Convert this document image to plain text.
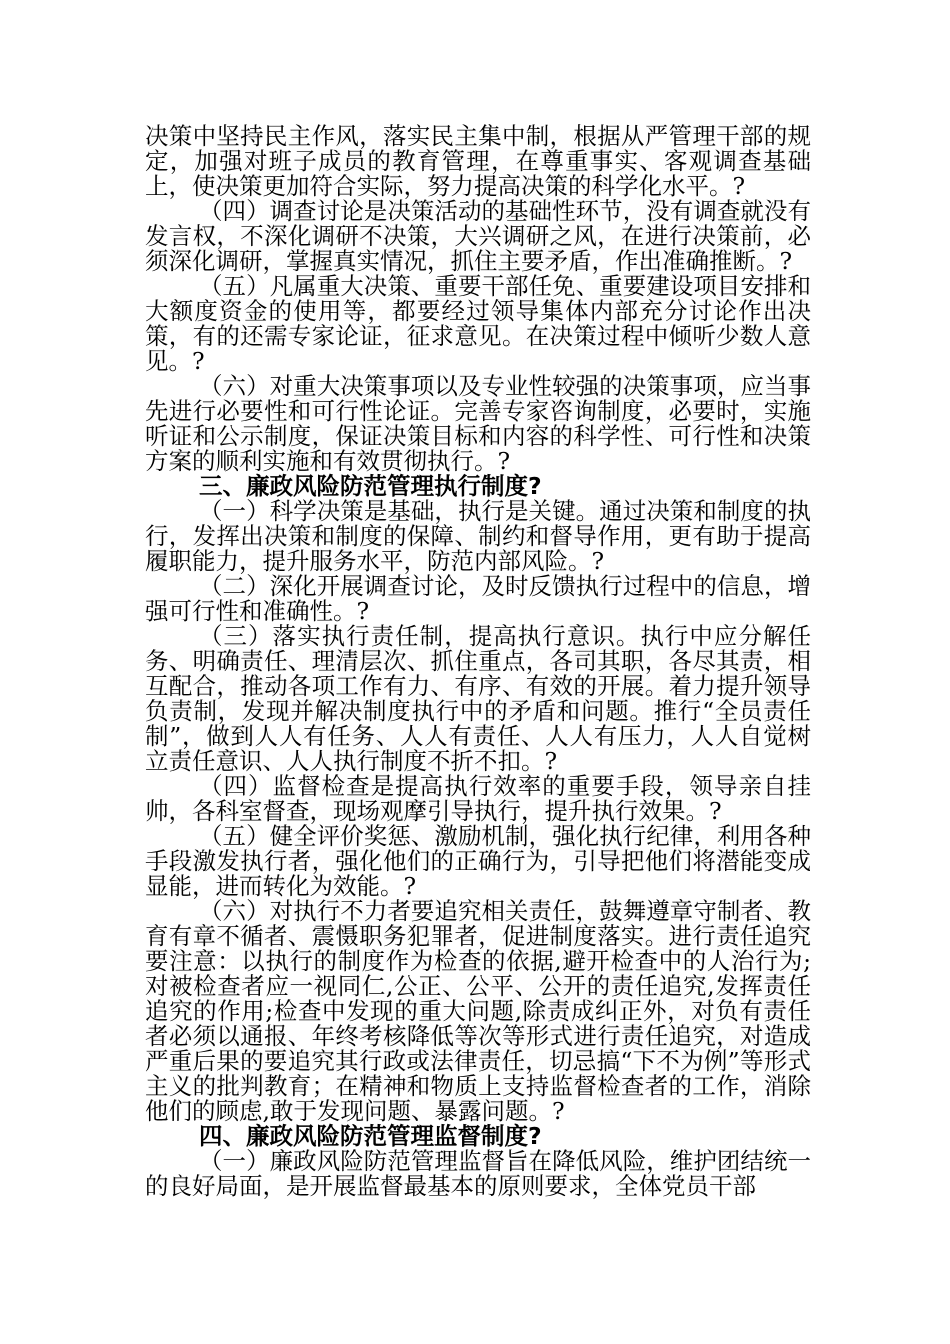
决策中坚持民主作风，落实民主集中制，根据从严管理干部的规定，加强对班子成员的教育管理，在尊重事实、客观调查基础上，使决策更加符合实际，努力提高决策的科学化水平。?

（四）调查讨论是决策活动的基础性环节，没有调查就没有发言权，不深化调研不决策，大兴调研之风，在进行决策前，必须深化调研，掌握真实情况，抓住主要矛盾，作出准确推断。?

（五）凡属重大决策、重要干部任免、重要建设项目安排和大额度资金的使用等，都要经过领导集体内部充分讨论作出决策，有的还需专家论证，征求意见。在决策过程中倾听少数人意见。?

（六）对重大决策事项以及专业性较强的决策事项，应当事先进行必要性和可行性论证。完善专家咨询制度，必要时，实施听证和公示制度，保证决策目标和内容的科学性、可行性和决策方案的顺利实施和有效贯彻执行。?

三、廉政风险防范管理执行制度?

（一）科学决策是基础，执行是关键。通过决策和制度的执行，发挥出决策和制度的保障、制约和督导作用，更有助于提高履职能力，提升服务水平，防范内部风险。?

（二）深化开展调查讨论，及时反馈执行过程中的信息，增强可行性和准确性。?

（三）落实执行责任制，提高执行意识。执行中应分解任务、明确责任、理清层次、抓住重点，各司其职，各尽其责，相互配合，推动各项工作有力、有序、有效的开展。着力提升领导负责制，发现并解决制度执行中的矛盾和问题。推行“全员责任制”，做到人人有任务、人人有责任、人人有压力，人人自觉树立责任意识、人人执行制度不折不扣。?

（四）监督检查是提高执行效率的重要手段，领导亲自挂帅，各科室督查，现场观摩引导执行，提升执行效果。?

（五）健全评价奖惩、激励机制，强化执行纪律，利用各种手段激发执行者，强化他们的正确行为，引导把他们将潜能变成显能，进而转化为效能。?

（六）对执行不力者要追究相关责任，鼓舞遵章守制者、教育有章不循者、震慑职务犯罪者，促进制度落实。进行责任追究要注意：以执行的制度作为检查的依据,避开检查中的人治行为;对被检查者应一视同仁,公正、公平、公开的责任追究,发挥责任追究的作用;检查中发现的重大问题,除责成纠正外，对负有责任者必须以通报、年终考核降低等次等形式进行责任追究，对造成严重后果的要追究其行政或法律责任，切忌搞“下不为例”等形式主义的批判教育；在精神和物质上支持监督检查者的工作，消除他们的顾虑,敢于发现问题、暴露问题。?

四、廉政风险防范管理监督制度?

（一）廉政风险防范管理监督旨在降低风险，维护团结统一的良好局面，是开展监督最基本的原则要求，全体党员干部
